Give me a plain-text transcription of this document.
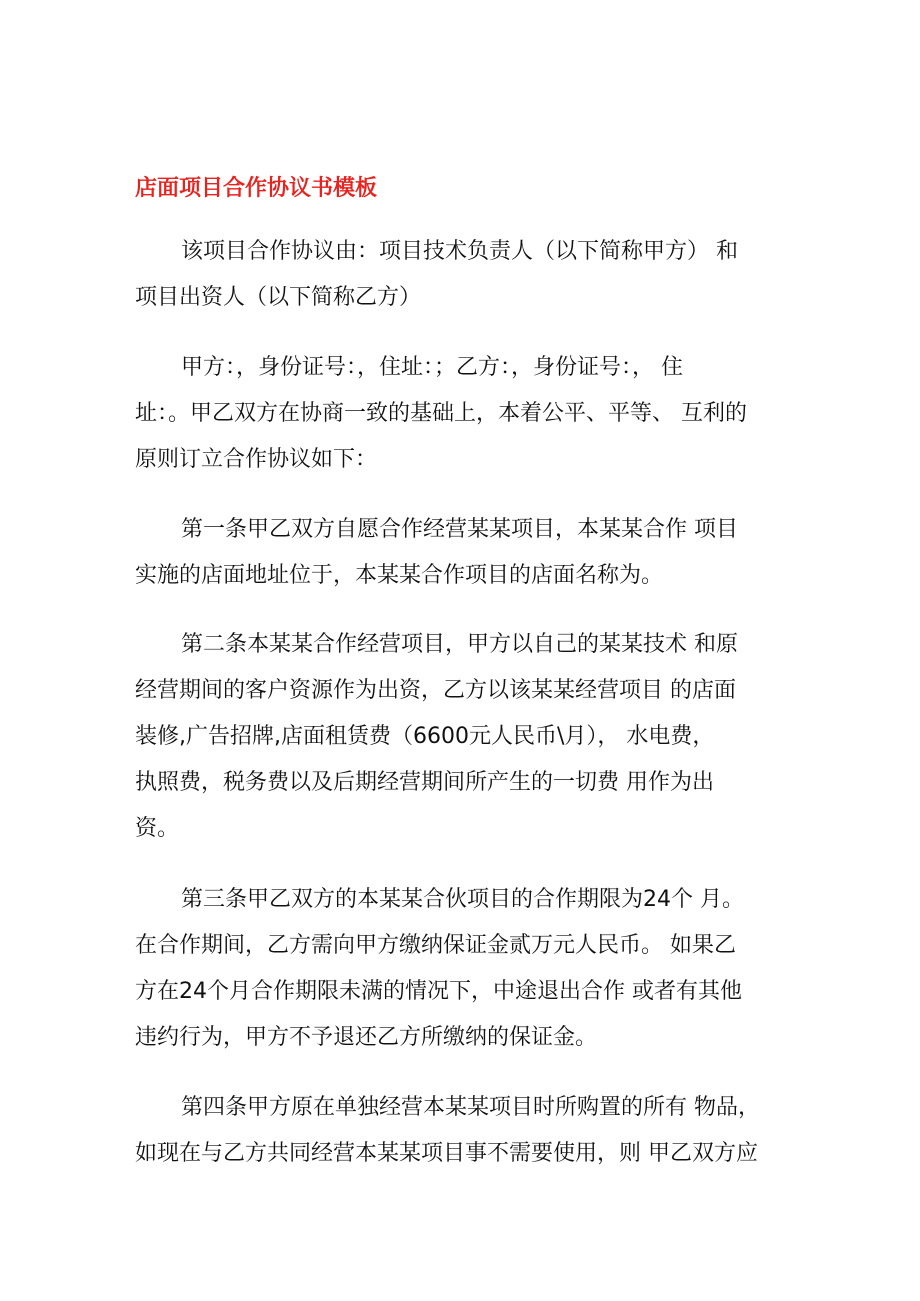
店面项目合作协议书模板
该项目合作协议由：项目技术负责人（以下简称甲方） 和
项目出资人（以下简称乙方）
甲方：，身份证号：，住址：；乙方：，身份证号：， 住
址：。甲乙双方在协商一致的基础上，本着公平、平等、 互利的
原则订立合作协议如下：
第一条甲乙双方自愿合作经营某某项目，本某某合作 项目
实施的店面地址位于，本某某合作项目的店面名称为。
第二条本某某合作经营项目，甲方以自己的某某技术 和原
经营期间的客户资源作为出资，乙方以该某某经营项目 的店面
装修,广告招牌,店面租赁费（6600元人民币\月）， 水电费，
执照费，税务费以及后期经营期间所产生的一切费 用作为出
资。
第三条甲乙双方的本某某合伙项目的合作期限为24个 月。
在合作期间，乙方需向甲方缴纳保证金贰万元人民币。 如果乙
方在24个月合作期限未满的情况下，中途退出合作 或者有其他
违约行为，甲方不予退还乙方所缴纳的保证金。
第四条甲方原在单独经营本某某项目时所购置的所有 物品，
如现在与乙方共同经营本某某项目事不需要使用，则 甲乙双方应
